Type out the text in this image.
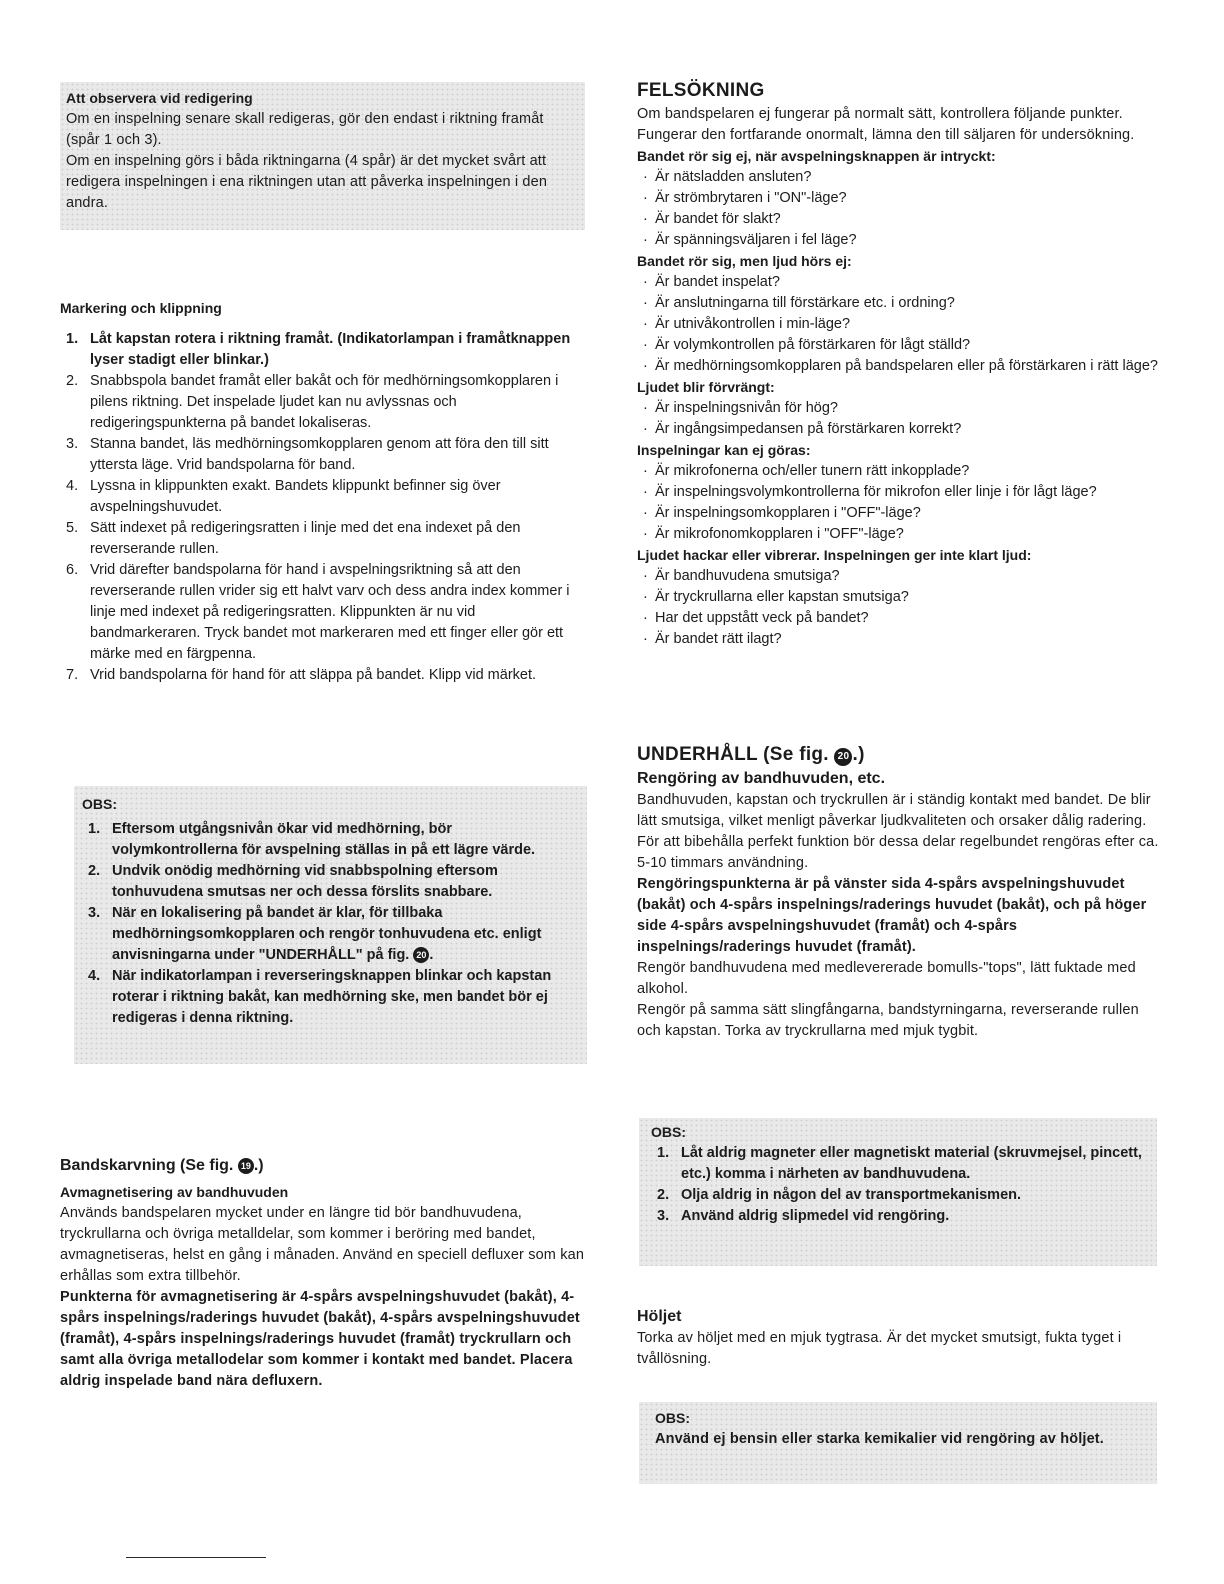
Att observera vid redigering

Om en inspelning senare skall redigeras, gör den endast i riktning framåt (spår 1 och 3).

Om en inspelning görs i båda riktningarna (4 spår) är det mycket svårt att redigera inspelningen i ena riktningen utan att påverka inspelningen i den andra.

Markering och klippning

1. Låt kapstan rotera i riktning framåt. (Indikatorlampan i framåtknappen lyser stadigt eller blinkar.)
2. Snabbspola bandet framåt eller bakåt och för medhörningsomkopplaren i pilens riktning. Det inspelade ljudet kan nu avlyssnas och redigeringspunkterna på bandet lokaliseras.
3. Stanna bandet, läs medhörningsomkopplaren genom att föra den till sitt yttersta läge. Vrid bandspolarna för band.
4. Lyssna in klippunkten exakt. Bandets klippunkt befinner sig över avspelningshuvudet.
5. Sätt indexet på redigeringsratten i linje med det ena indexet på den reverserande rullen.
6. Vrid därefter bandspolarna för hand i avspelningsriktning så att den reverserande rullen vrider sig ett halvt varv och dess andra index kommer i linje med indexet på redigeringsratten. Klippunkten är nu vid bandmarkeraren. Tryck bandet mot markeraren med ett finger eller gör ett märke med en färgpenna.
7. Vrid bandspolarna för hand för att släppa på bandet. Klipp vid märket.

OBS:

1. Eftersom utgångsnivån ökar vid medhörning, bör volymkontrollerna för avspelning ställas in på ett lägre värde.
2. Undvik onödig medhörning vid snabbspolning eftersom tonhuvudena smutsas ner och dessa förslits snabbare.
3. När en lokalisering på bandet är klar, för tillbaka medhörningsomkopplaren och rengör tonhuvudena etc. enligt anvisningarna under "UNDERHÅLL" på fig. 20 .
4. När indikatorlampan i reverseringsknappen blinkar och kapstan roterar i riktning bakåt, kan medhörning ske, men bandet bör ej redigeras i denna riktning.

Bandskarvning (Se fig. 19 .)

Avmagnetisering av bandhuvuden

Används bandspelaren mycket under en längre tid bör bandhuvudena, tryckrullarna och övriga metalldelar, som kommer i beröring med bandet, avmagnetiseras, helst en gång i månaden. Använd en speciell defluxer som kan erhållas som extra tillbehör.

Punkterna för avmagnetisering är 4-spårs avspelningshuvudet (bakåt), 4-spårs inspelnings/raderings huvudet (bakåt), 4-spårs avspelningshuvudet (framåt), 4-spårs inspelnings/raderings huvudet (framåt) tryckrullarn och samt alla övriga metallodelar som kommer i kontakt med bandet. Placera aldrig inspelade band nära defluxern.

FELSÖKNING

Om bandspelaren ej fungerar på normalt sätt, kontrollera följande punkter. Fungerar den fortfarande onormalt, lämna den till säljaren för undersökning.

Bandet rör sig ej, när avspelningsknappen är intryckt:

· Är nätsladden ansluten?
· Är strömbrytaren i "ON"-läge?
· Är bandet för slakt?
· Är spänningsväljaren i fel läge?

Bandet rör sig, men ljud hörs ej:

· Är bandet inspelat?
· Är anslutningarna till förstärkare etc. i ordning?
· Är utnivåkontrollen i min-läge?
· Är volymkontrollen på förstärkaren för lågt ställd?
· Är medhörningsomkopplaren på bandspelaren eller på förstärkaren i rätt läge?

Ljudet blir förvrängt:

· Är inspelningsnivån för hög?
· Är ingångsimpedansen på förstärkaren korrekt?

Inspelningar kan ej göras:

· Är mikrofonerna och/eller tunern rätt inkopplade?
· Är inspelningsvolymkontrollerna för mikrofon eller linje i för lågt läge?
· Är inspelningsomkopplaren i "OFF"-läge?
· Är mikrofonomkopplaren i "OFF"-läge?

Ljudet hackar eller vibrerar. Inspelningen ger inte klart ljud:

· Är bandhuvudena smutsiga?
· Är tryckrullarna eller kapstan smutsiga?
· Har det uppstått veck på bandet?
· Är bandet rätt ilagt?

UNDERHÅLL (Se fig. 20 .)

Rengöring av bandhuvuden, etc.

Bandhuvuden, kapstan och tryckrullen är i ständig kontakt med bandet. De blir lätt smutsiga, vilket menligt påverkar ljudkvaliteten och orsaker dålig radering. För att bibehålla perfekt funktion bör dessa delar regelbundet rengöras efter ca. 5-10 timmars användning.

Rengöringspunkterna är på vänster sida 4-spårs avspelningshuvudet (bakåt) och 4-spårs inspelnings/raderings huvudet (bakåt), och på höger side 4-spårs avspelningshuvudet (framåt) och 4-spårs inspelnings/raderings huvudet (framåt).

Rengör bandhuvudena med medlevererade bomulls-"tops", lätt fuktade med alkohol.

Rengör på samma sätt slingfångarna, bandstyrningarna, reverserande rullen och kapstan. Torka av tryckrullarna med mjuk tygbit.

OBS:

1. Låt aldrig magneter eller magnetiskt material (skruvmejsel, pincett, etc.) komma i närheten av bandhuvudena.
2. Olja aldrig in någon del av transportmekanismen.
3. Använd aldrig slipmedel vid rengöring.

Höljet

Torka av höljet med en mjuk tygtrasa. Är det mycket smutsigt, fukta tyget i tvållösning.

OBS:

Använd ej bensin eller starka kemikalier vid rengöring av höljet.
